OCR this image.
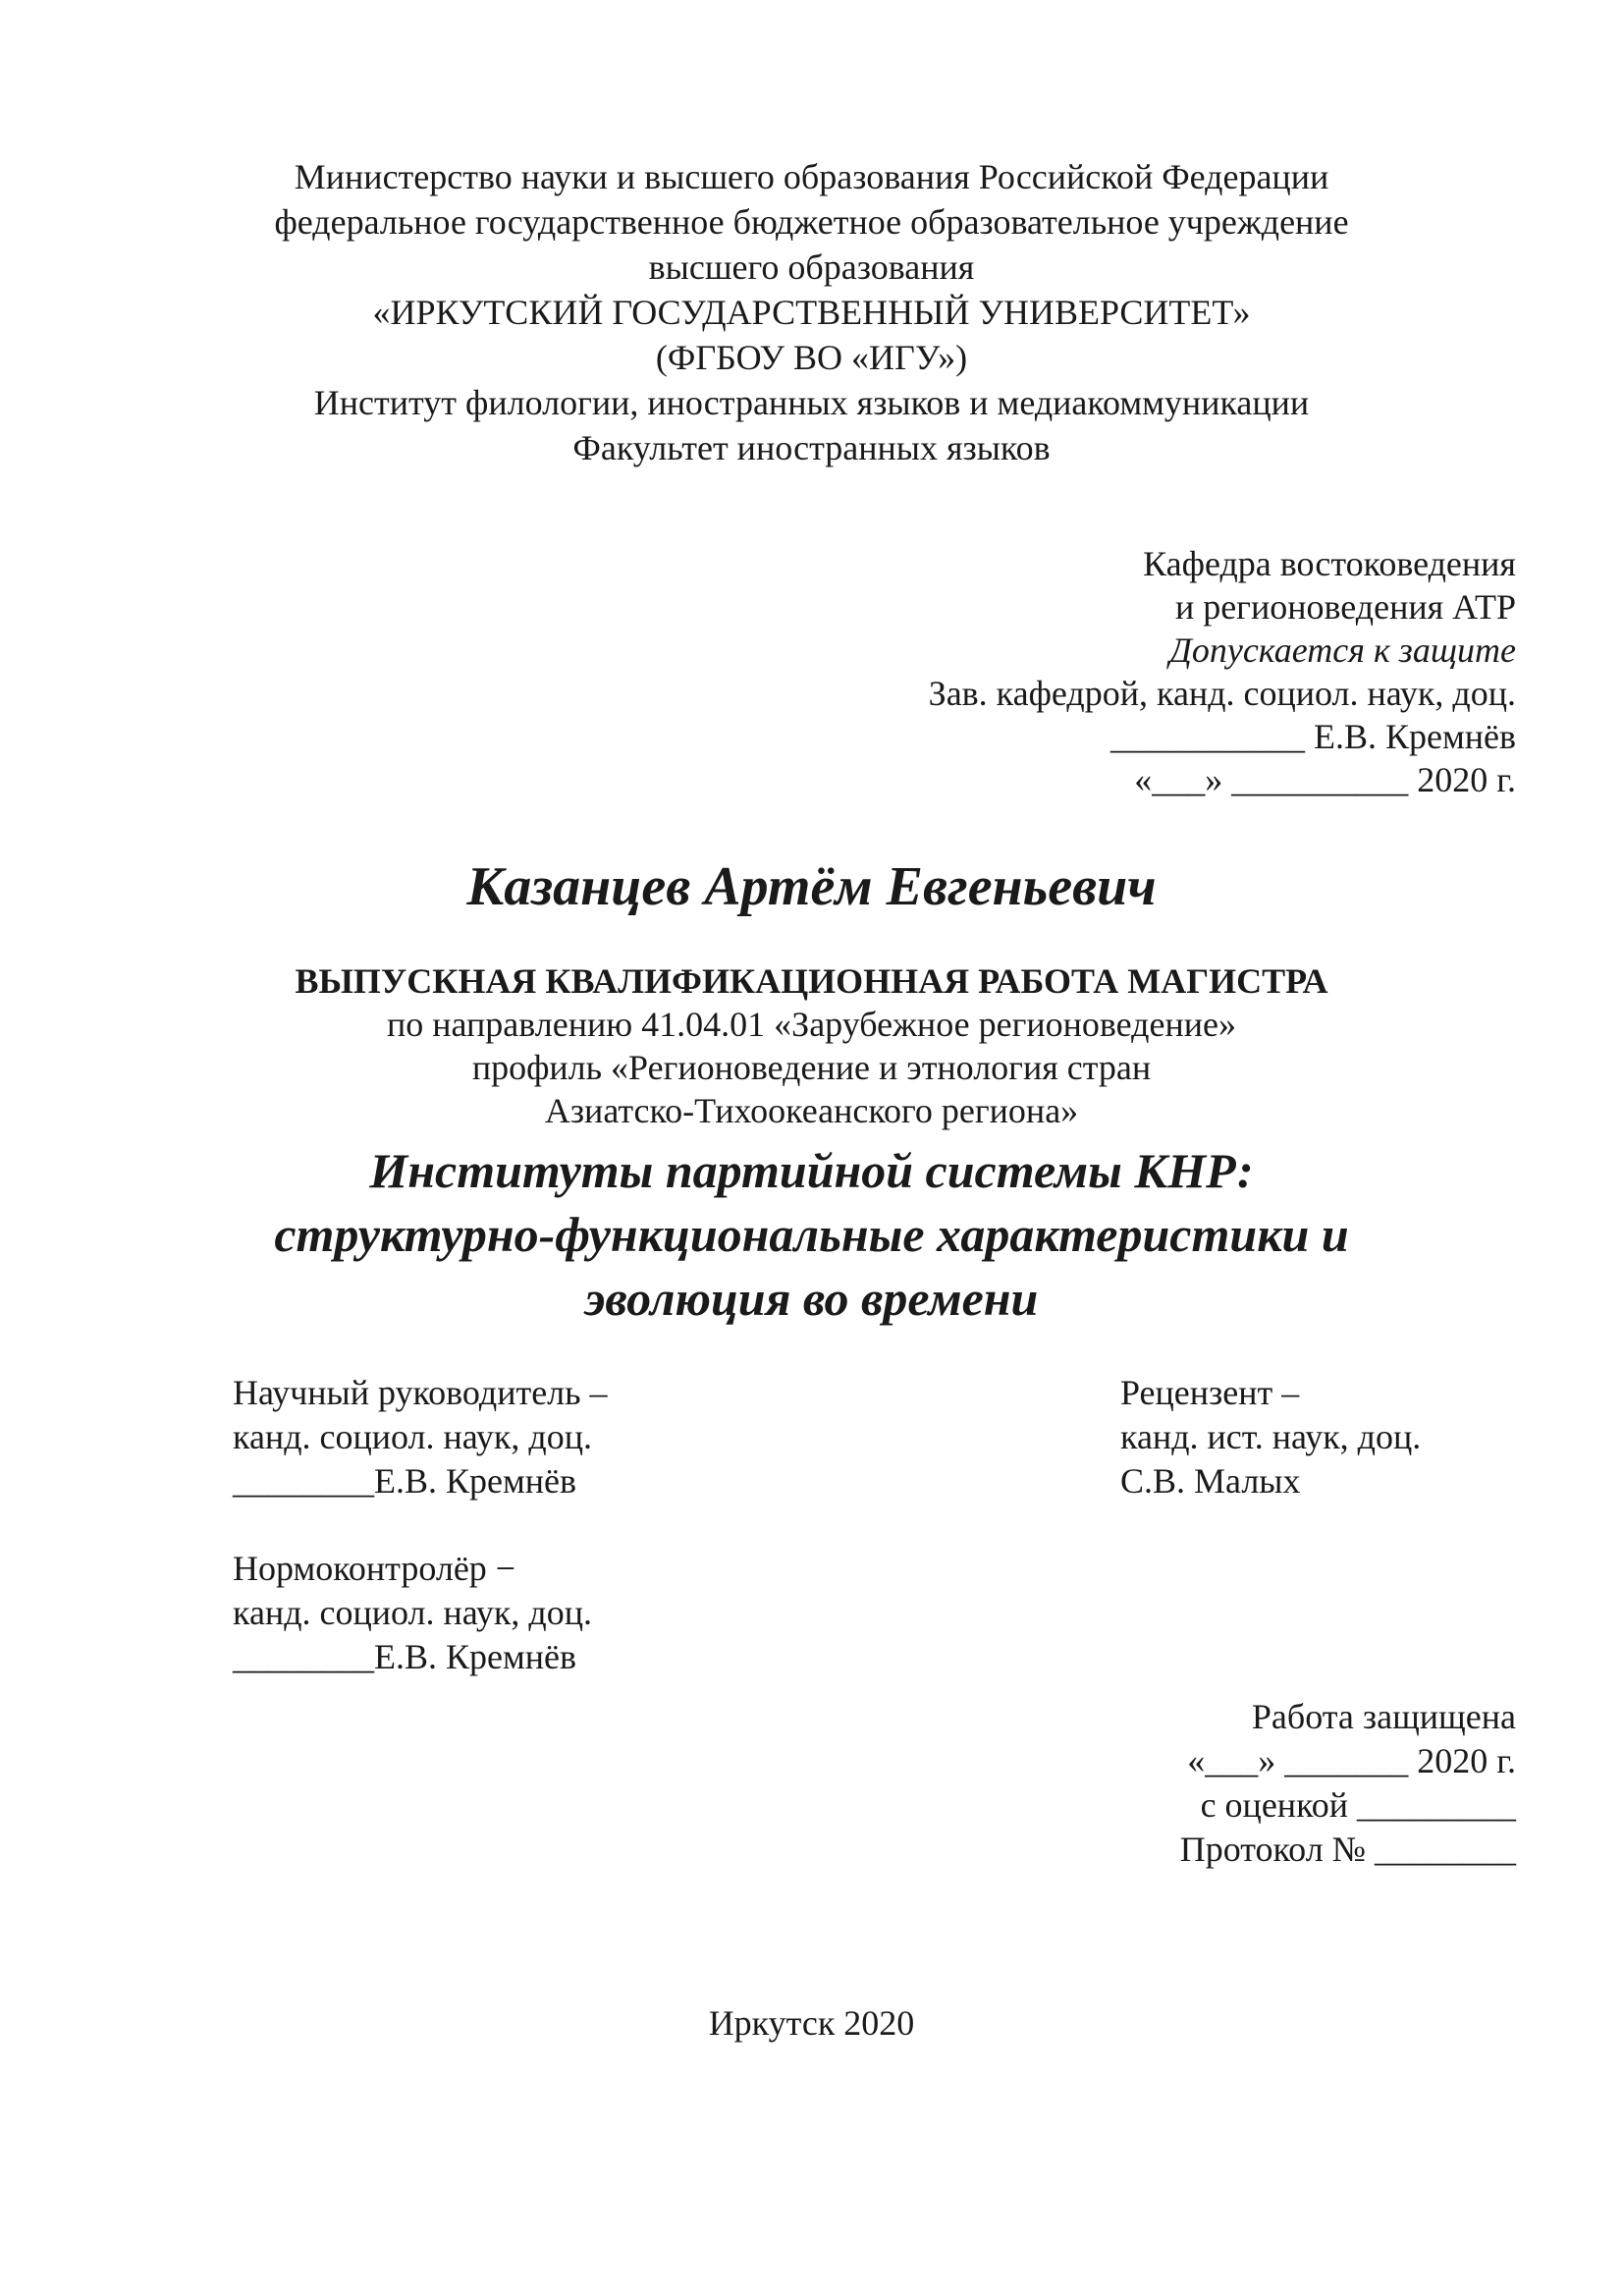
Министерство науки и высшего образования Российской Федерации
федеральное государственное бюджетное образовательное учреждение
высшего образования
«ИРКУТСКИЙ ГОСУДАРСТВЕННЫЙ УНИВЕРСИТЕТ»
(ФГБОУ ВО «ИГУ»)
Институт филологии, иностранных языков и медиакоммуникации
Факультет иностранных языков
Кафедра востоковедения
и регионоведения АТР
Допускается к защите
Зав. кафедрой, канд. социол. наук, доц.
___________ Е.В. Кремнёв
«___» __________ 2020 г.
Казанцев Артём Евгеньевич
ВЫПУСКНАЯ КВАЛИФИКАЦИОННАЯ РАБОТА МАГИСТРА
по направлению 41.04.01 «Зарубежное регионоведение»
профиль «Регионоведение и этнология стран
Азиатско-Тихоокеанского региона»
Институты партийной системы КНР:
структурно-функциональные характеристики и
эволюция во времени
Научный руководитель –
канд. социол. наук, доц.
________Е.В. Кремнёв
Рецензент –
канд. ист. наук, доц.
С.В. Малых
Нормоконтролёр −
канд. социол. наук, доц.
________Е.В. Кремнёв
Работа защищена
«___» _______ 2020 г.
с оценкой _________
Протокол № ________
Иркутск 2020
